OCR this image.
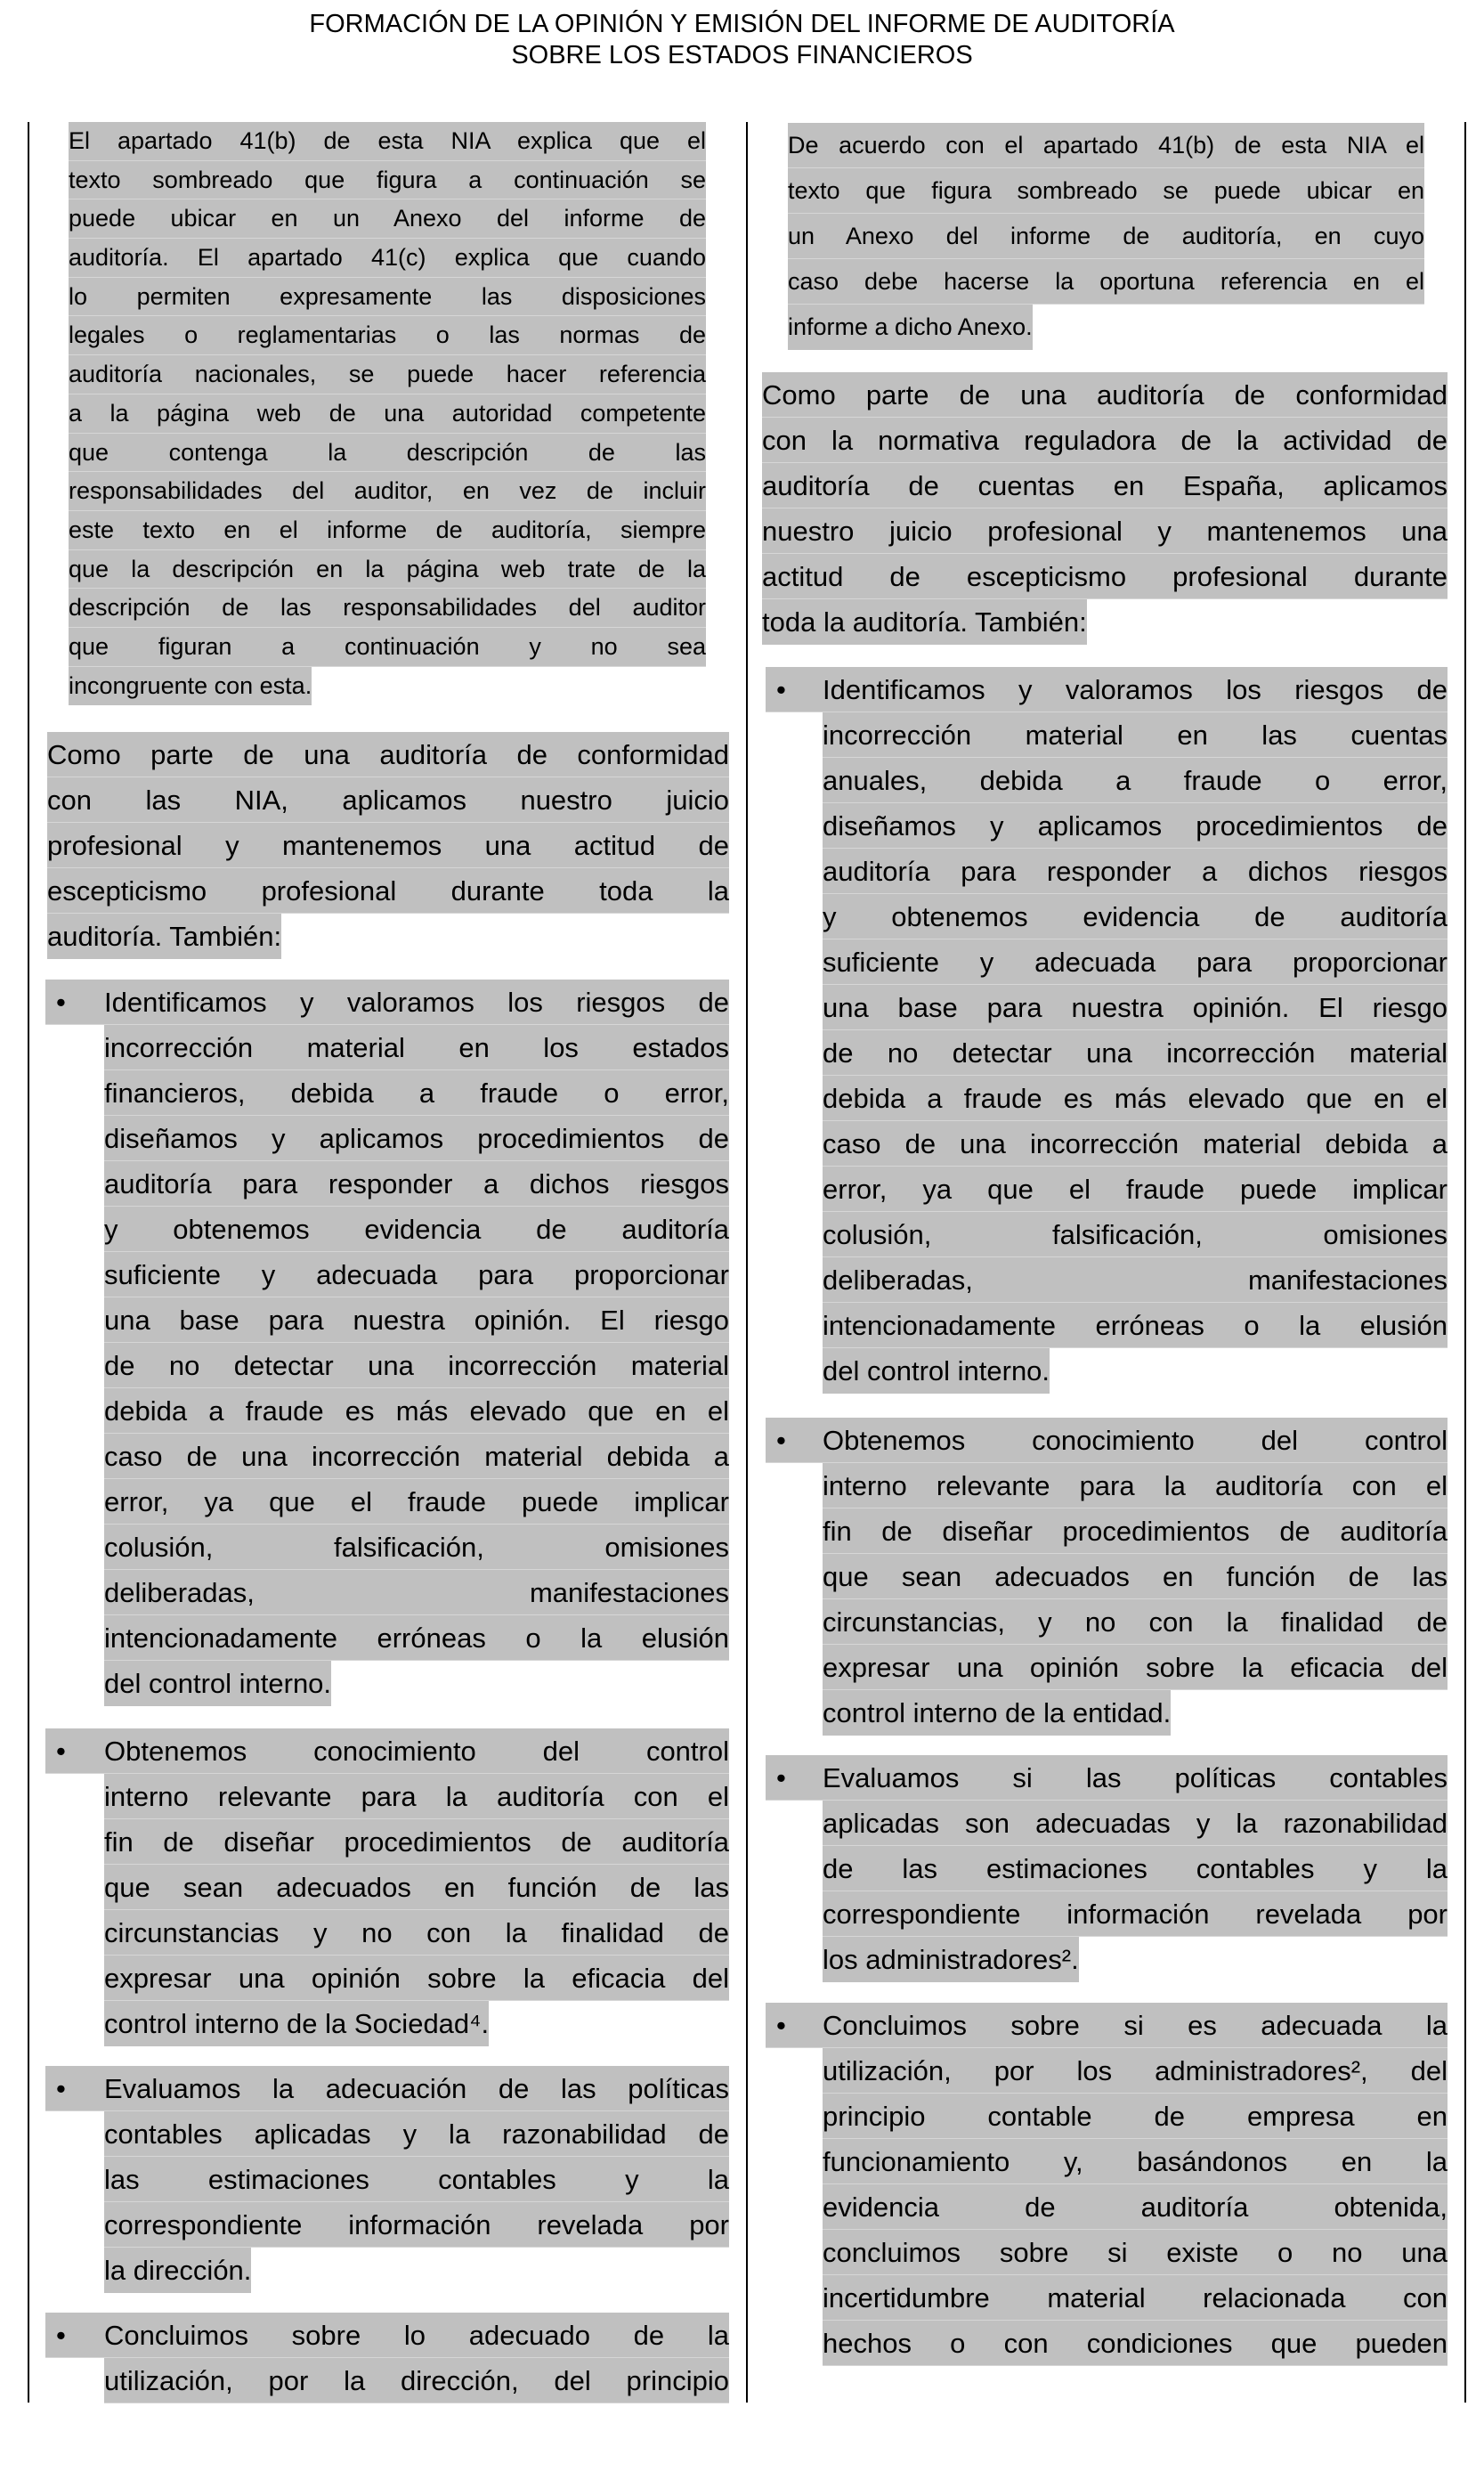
FORMACIÓN DE LA OPINIÓN Y EMISIÓN DEL INFORME DE AUDITORÍA
SOBRE LOS ESTADOS FINANCIEROS
El apartado 41(b) de esta NIA explica que el
texto sombreado que figura a continuación se
puede ubicar en un Anexo del informe de
auditoría. El apartado 41(c) explica que cuando
lo permiten expresamente las disposiciones
legales o reglamentarias o las normas de
auditoría nacionales, se puede hacer referencia
a la página web de una autoridad competente
que contenga la descripción de las
responsabilidades del auditor, en vez de incluir
este texto en el informe de auditoría, siempre
que la descripción en la página web trate de la
descripción de las responsabilidades del auditor
que figuran a continuación y no sea
incongruente con esta.
Como parte de una auditoría de conformidad
con las NIA, aplicamos nuestro juicio
profesional y mantenemos una actitud de
escepticismo profesional durante toda la
auditoría. También:
• Identificamos y valoramos los riesgos de
incorrección material en los estados
financieros, debida a fraude o error,
diseñamos y aplicamos procedimientos de
auditoría para responder a dichos riesgos
y obtenemos evidencia de auditoría
suficiente y adecuada para proporcionar
una base para nuestra opinión. El riesgo
de no detectar una incorrección material
debida a fraude es más elevado que en el
caso de una incorrección material debida a
error, ya que el fraude puede implicar
colusión, falsificación, omisiones
deliberadas, manifestaciones
intencionadamente erróneas o la elusión
del control interno.
• Obtenemos conocimiento del control
interno relevante para la auditoría con el
fin de diseñar procedimientos de auditoría
que sean adecuados en función de las
circunstancias y no con la finalidad de
expresar una opinión sobre la eficacia del
control interno de la Sociedad⁴.
• Evaluamos la adecuación de las políticas
contables aplicadas y la razonabilidad de
las estimaciones contables y la
correspondiente información revelada por
la dirección.
• Concluimos sobre lo adecuado de la
utilización, por la dirección, del principio
De acuerdo con el apartado 41(b) de esta NIA el
texto que figura sombreado se puede ubicar en
un Anexo del informe de auditoría, en cuyo
caso debe hacerse la oportuna referencia en el
informe a dicho Anexo.
Como parte de una auditoría de conformidad
con la normativa reguladora de la actividad de
auditoría de cuentas en España, aplicamos
nuestro juicio profesional y mantenemos una
actitud de escepticismo profesional durante
toda la auditoría. También:
• Identificamos y valoramos los riesgos de
incorrección material en las cuentas
anuales, debida a fraude o error,
diseñamos y aplicamos procedimientos de
auditoría para responder a dichos riesgos
y obtenemos evidencia de auditoría
suficiente y adecuada para proporcionar
una base para nuestra opinión. El riesgo
de no detectar una incorrección material
debida a fraude es más elevado que en el
caso de una incorrección material debida a
error, ya que el fraude puede implicar
colusión, falsificación, omisiones
deliberadas, manifestaciones
intencionadamente erróneas o la elusión
del control interno.
• Obtenemos conocimiento del control
interno relevante para la auditoría con el
fin de diseñar procedimientos de auditoría
que sean adecuados en función de las
circunstancias, y no con la finalidad de
expresar una opinión sobre la eficacia del
control interno de la entidad.
• Evaluamos si las políticas contables
aplicadas son adecuadas y la razonabilidad
de las estimaciones contables y la
correspondiente información revelada por
los administradores².
• Concluimos sobre si es adecuada la
utilización, por los administradores², del
principio contable de empresa en
funcionamiento y, basándonos en la
evidencia de auditoría obtenida,
concluimos sobre si existe o no una
incertidumbre material relacionada con
hechos o con condiciones que pueden
